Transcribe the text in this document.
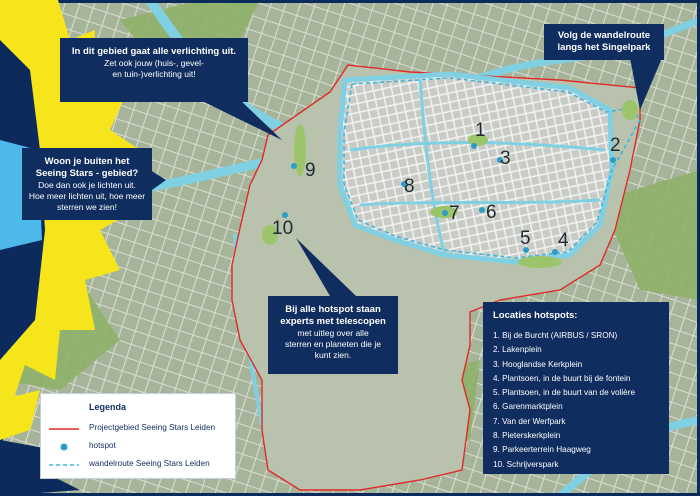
1
2
3
4
5
6
7
8
9
10
In dit gebied gaat alle verlichting uit.
Zet ook jouw (huis-, gevel-
en tuin-)verlichting uit!
Woon je buiten het
Seeing Stars - gebied?
Doe dan ook je lichten uit.
Hoe meer lichten uit, hoe meer
sterren we zien!
Volg de wandelroute
langs het Singelpark
Bij alle hotspot staan
experts met telescopen
met uitleg over alle
sterren en planeten die je
kunt zien.
Locaties hotspots:
1. Bij de Burcht (AIRBUS / SRON)
2. Lakenplein
3. Hooglandse Kerkplein
4. Plantsoen, in de buurt bij de fontein
5. Plantsoen, in de buurt van de volière
6. Garenmarktplein
7. Van der Werfpark
8. Pieterskerkplein
9. Parkeerterrein Haagweg
10. Schrijverspark
Legenda
Projectgebied Seeing Stars Leiden
hotspot
wandelroute Seeing Stars Leiden
